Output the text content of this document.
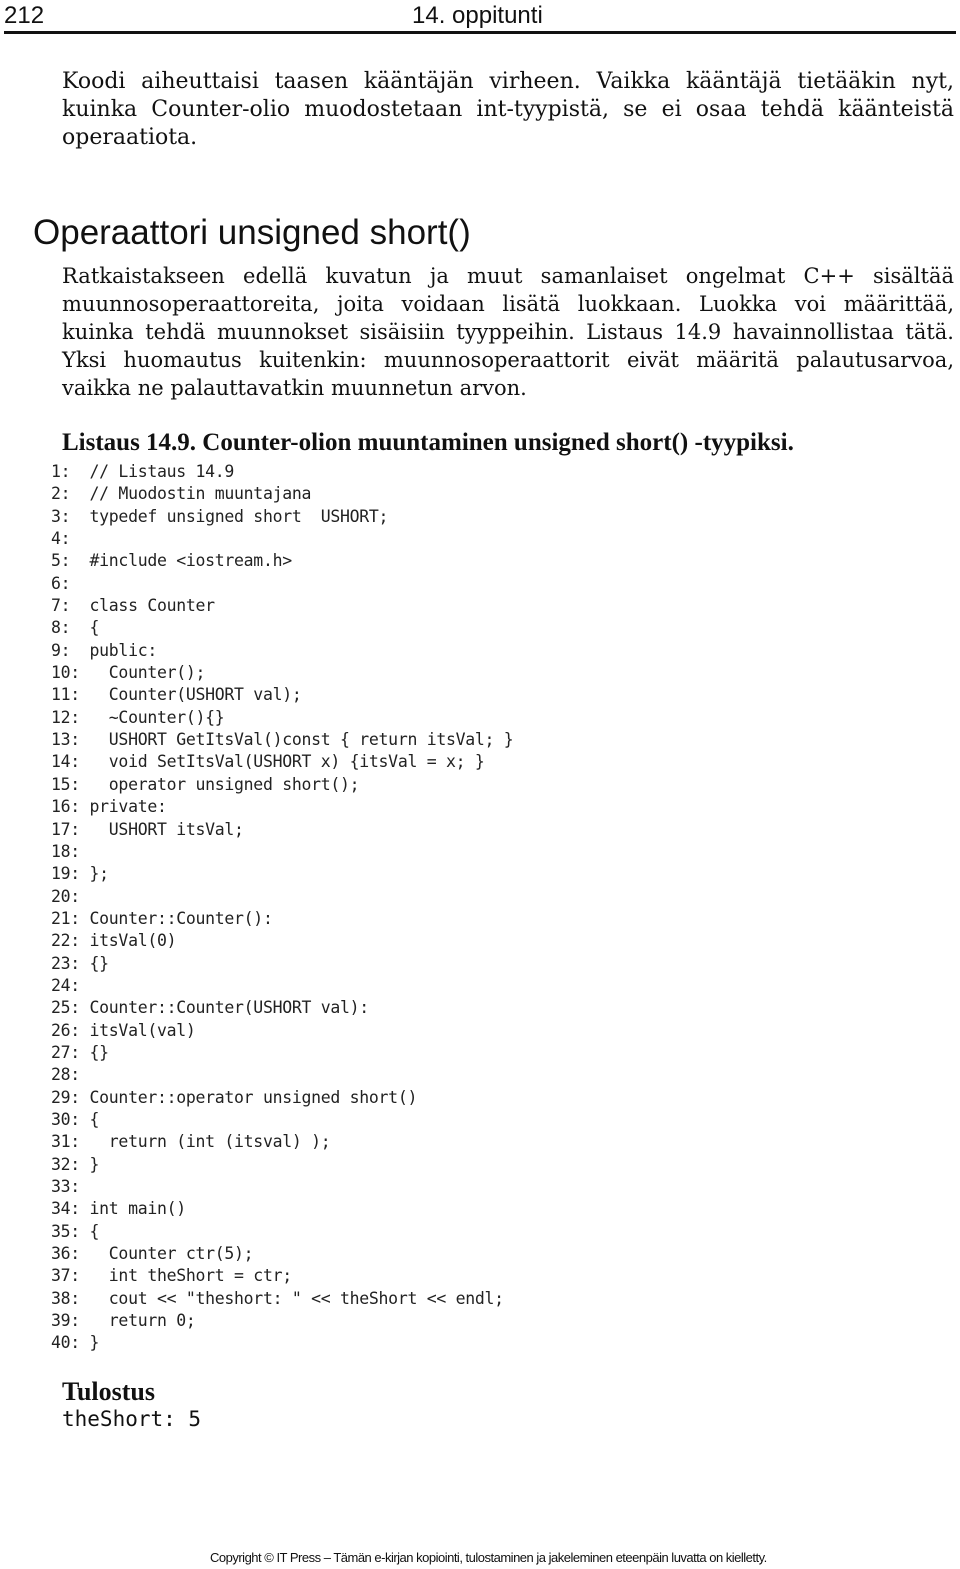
212	14. oppitunti

Koodi aiheuttaisi taasen kääntäjän virheen. Vaikka kääntäjä tietääkin nyt, kuinka Counter-olio muodostetaan int-tyypistä, se ei osaa tehdä käänteistä operaatiota.

Operaattori unsigned short()

Ratkaistakseen edellä kuvatun ja muut samanlaiset ongelmat C++ sisältää muunnosoperaattoreita, joita voidaan lisätä luokkaan. Luokka voi määrittää, kuinka tehdä muunnokset sisäisiin tyyppeihin. Listaus 14.9 havainnollistaa tätä. Yksi huomautus kuitenkin: muunnosoperaattorit eivät määritä palautusarvoa, vaikka ne palauttavatkin muunnetun arvon.

Listaus 14.9. Counter-olion muuntaminen unsigned short() -tyypiksi.
1:  // Listaus 14.9
2:  // Muodostin muuntajana
3:  typedef unsigned short  USHORT;
4:
5:  #include <iostream.h>
6:
7:  class Counter
8:  {
9:  public:
10:   Counter();
11:   Counter(USHORT val);
12:   ~Counter(){}
13:   USHORT GetItsVal()const { return itsVal; }
14:   void SetItsVal(USHORT x) {itsVal = x; }
15:   operator unsigned short();
16: private:
17:   USHORT itsVal;
18:
19: };
20:
21: Counter::Counter():
22: itsVal(0)
23: {}
24:
25: Counter::Counter(USHORT val):
26: itsVal(val)
27: {}
28:
29: Counter::operator unsigned short()
30: {
31:   return (int (itsval) );
32: }
33:
34: int main()
35: {
36:   Counter ctr(5);
37:   int theShort = ctr;
38:   cout << "theshort: " << theShort << endl;
39:   return 0;
40: }
Tulostus
theShort: 5
Copyright © IT Press – Tämän e-kirjan kopiointi, tulostaminen ja jakeleminen eteenpäin luvatta on kielletty.
